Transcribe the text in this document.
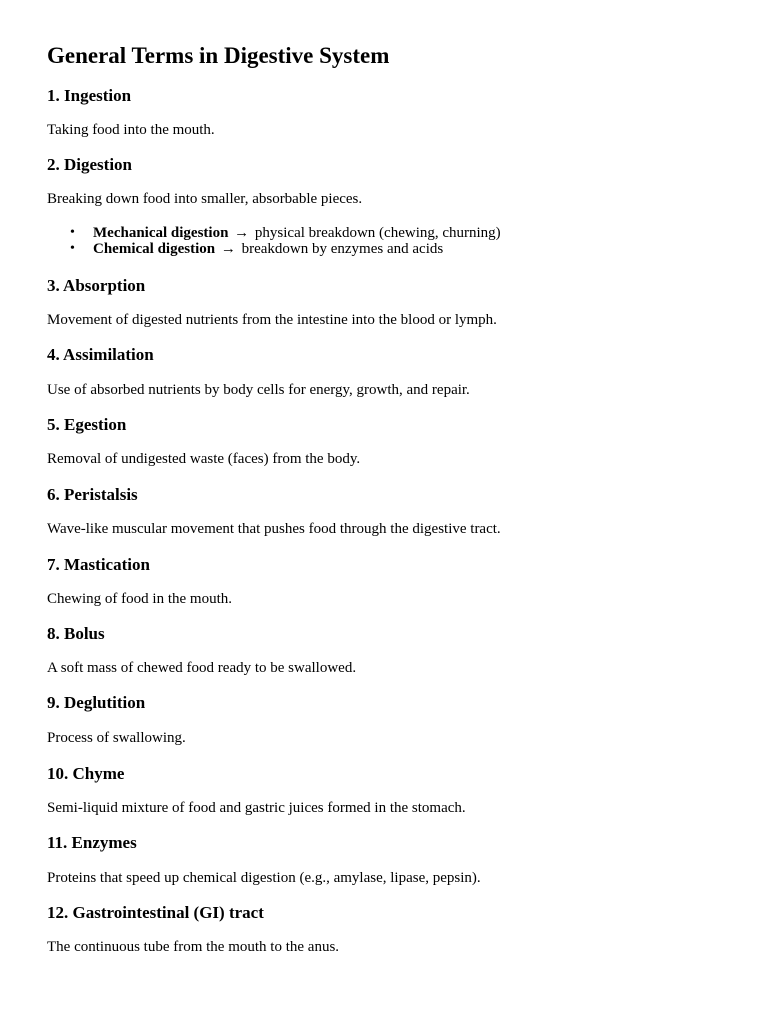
General Terms in Digestive System
1. Ingestion

Taking food into the mouth.

2. Digestion

Breaking down food into smaller, absorbable pieces.

• Mechanical digestion → physical breakdown (chewing, churning)
• Chemical digestion → breakdown by enzymes and acids
3. Absorption

Movement of digested nutrients from the intestine into the blood or lymph.

4. Assimilation

Use of absorbed nutrients by body cells for energy, growth, and repair.

5. Egestion

Removal of undigested waste (faces) from the body.

6. Peristalsis

Wave-like muscular movement that pushes food through the digestive tract.

7. Mastication

Chewing of food in the mouth.

8. Bolus

A soft mass of chewed food ready to be swallowed.

9. Deglutition

Process of swallowing.

10. Chyme

Semi-liquid mixture of food and gastric juices formed in the stomach.

11. Enzymes

Proteins that speed up chemical digestion (e.g., amylase, lipase, pepsin).

12. Gastrointestinal (GI) tract

The continuous tube from the mouth to the anus.
